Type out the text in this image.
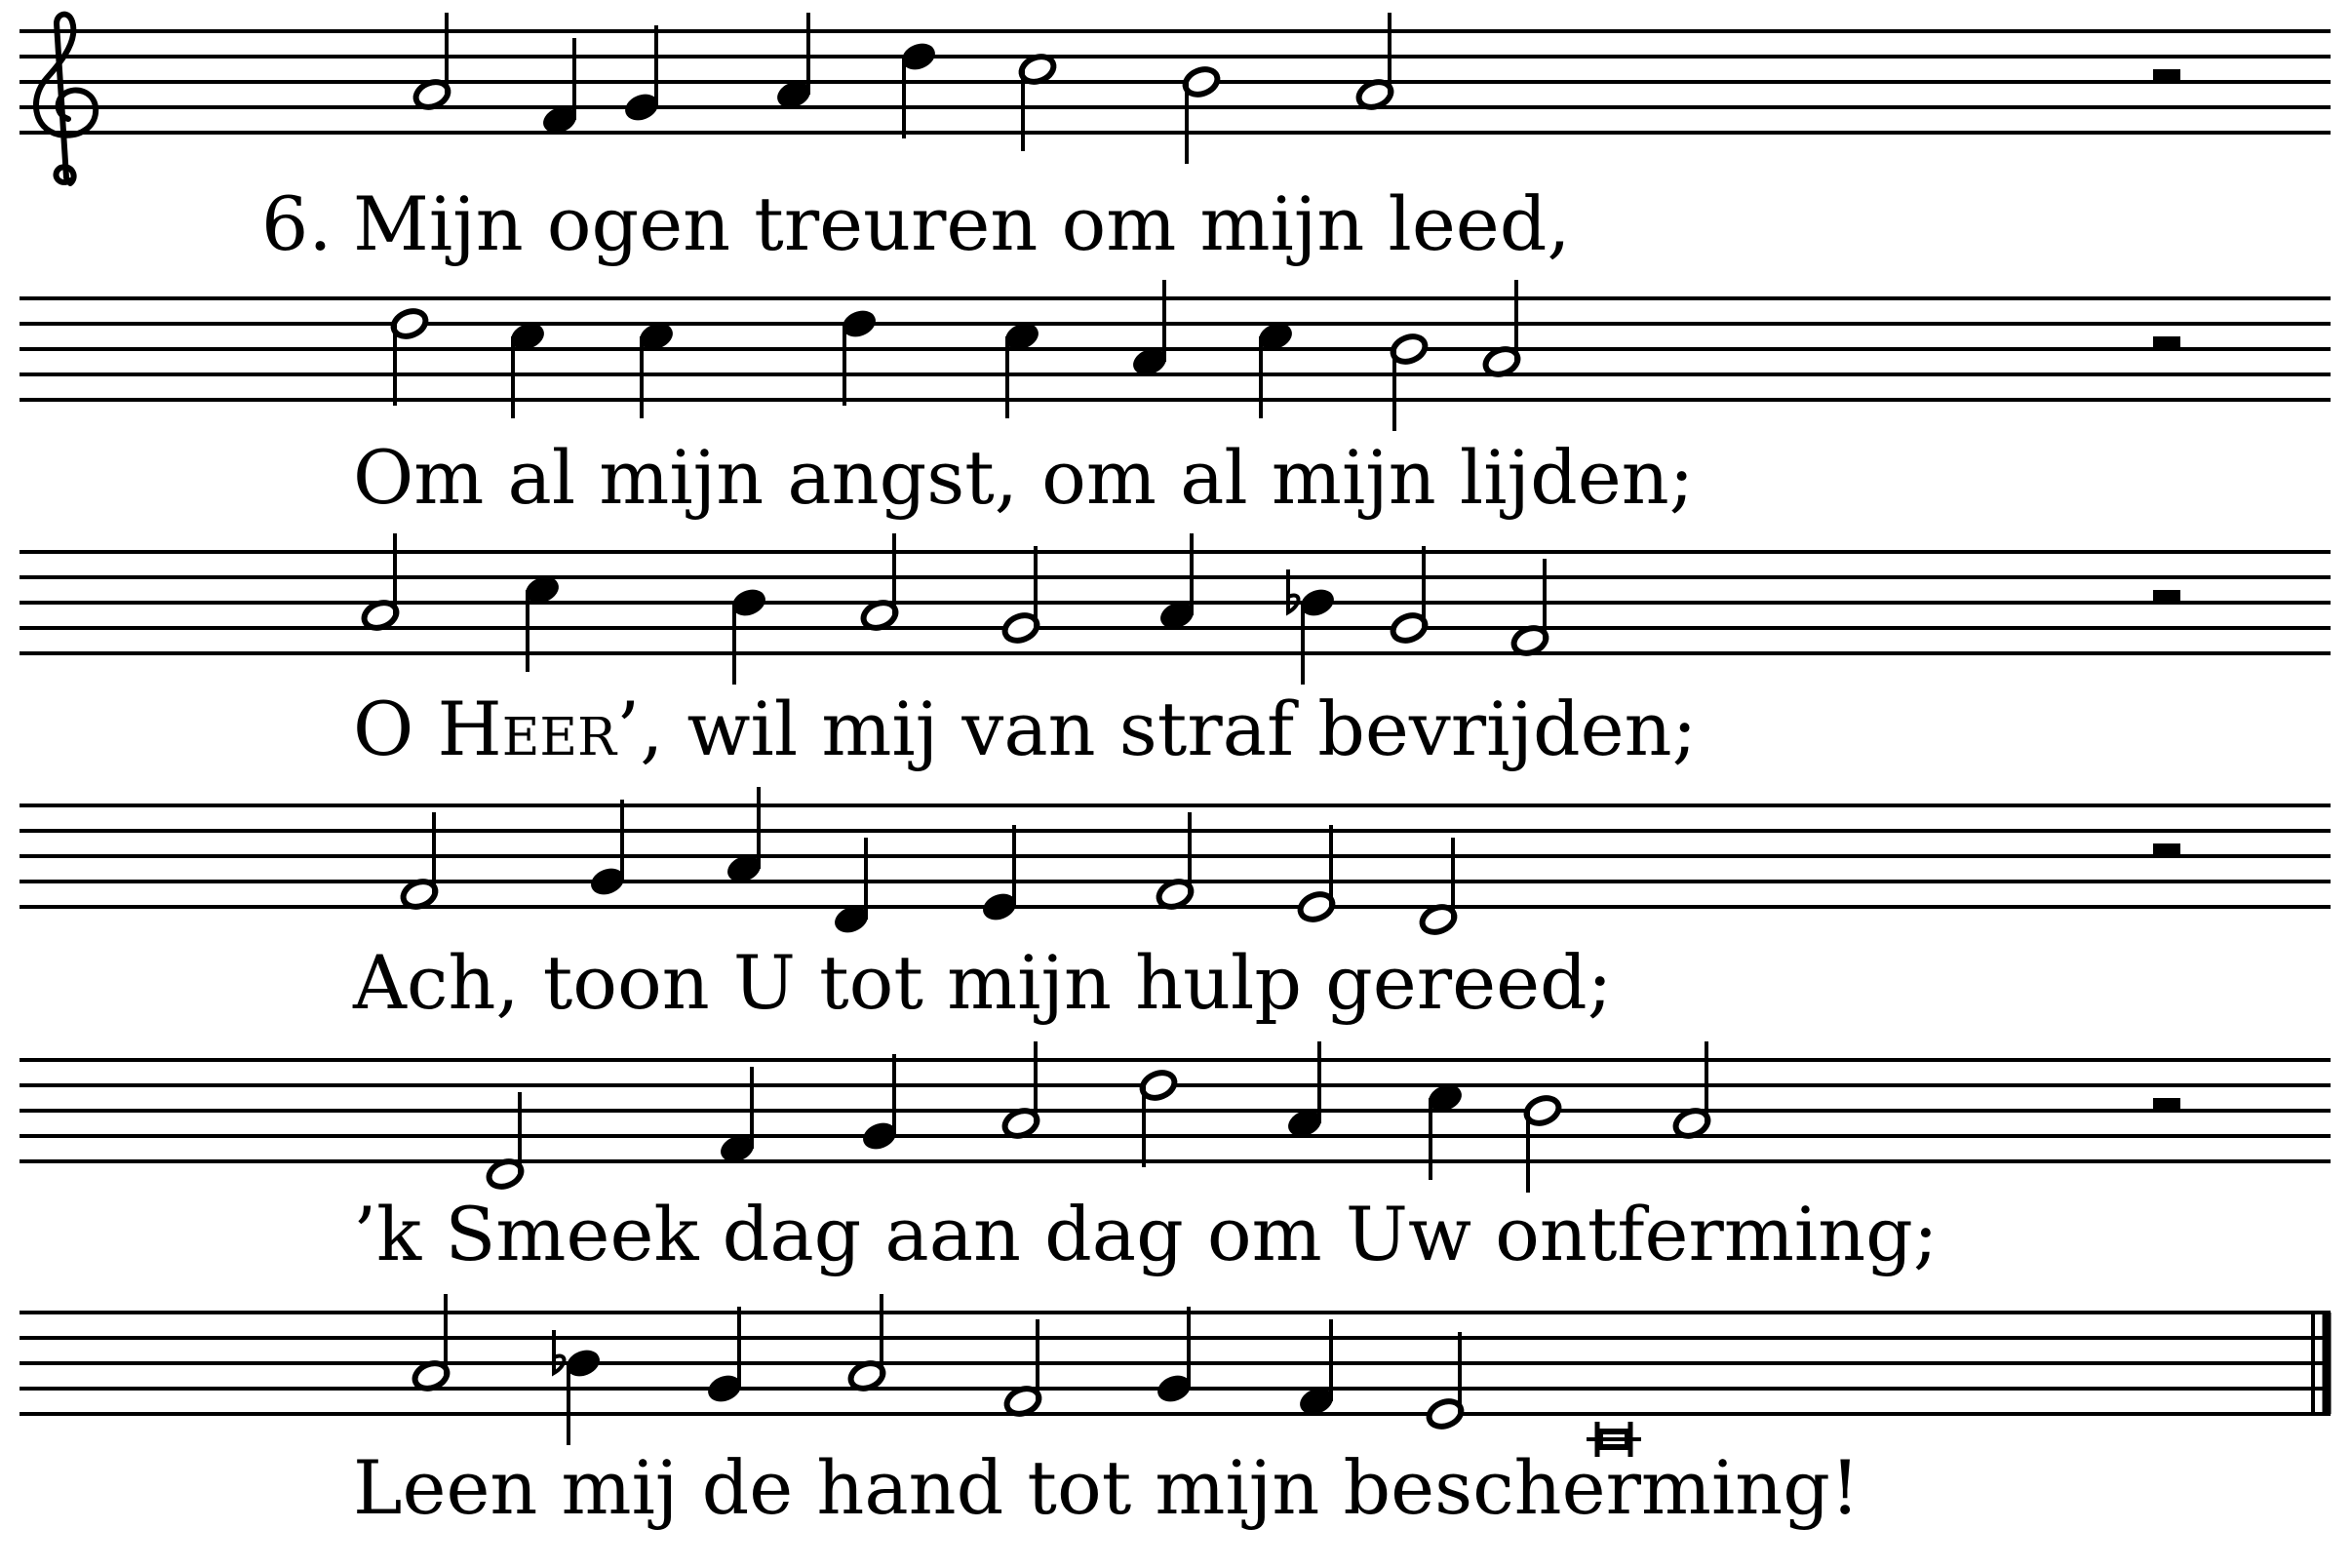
6. Mijn ogen treuren om mijn leed,

Om al mijn angst, om al mijn lijden;

O Heer’, wil mij van straf bevrijden;

Ach, toon U tot mijn hulp gereed;

’k Smeek dag aan dag om Uw ontferming;

Leen mij de hand tot mijn bescherming!
